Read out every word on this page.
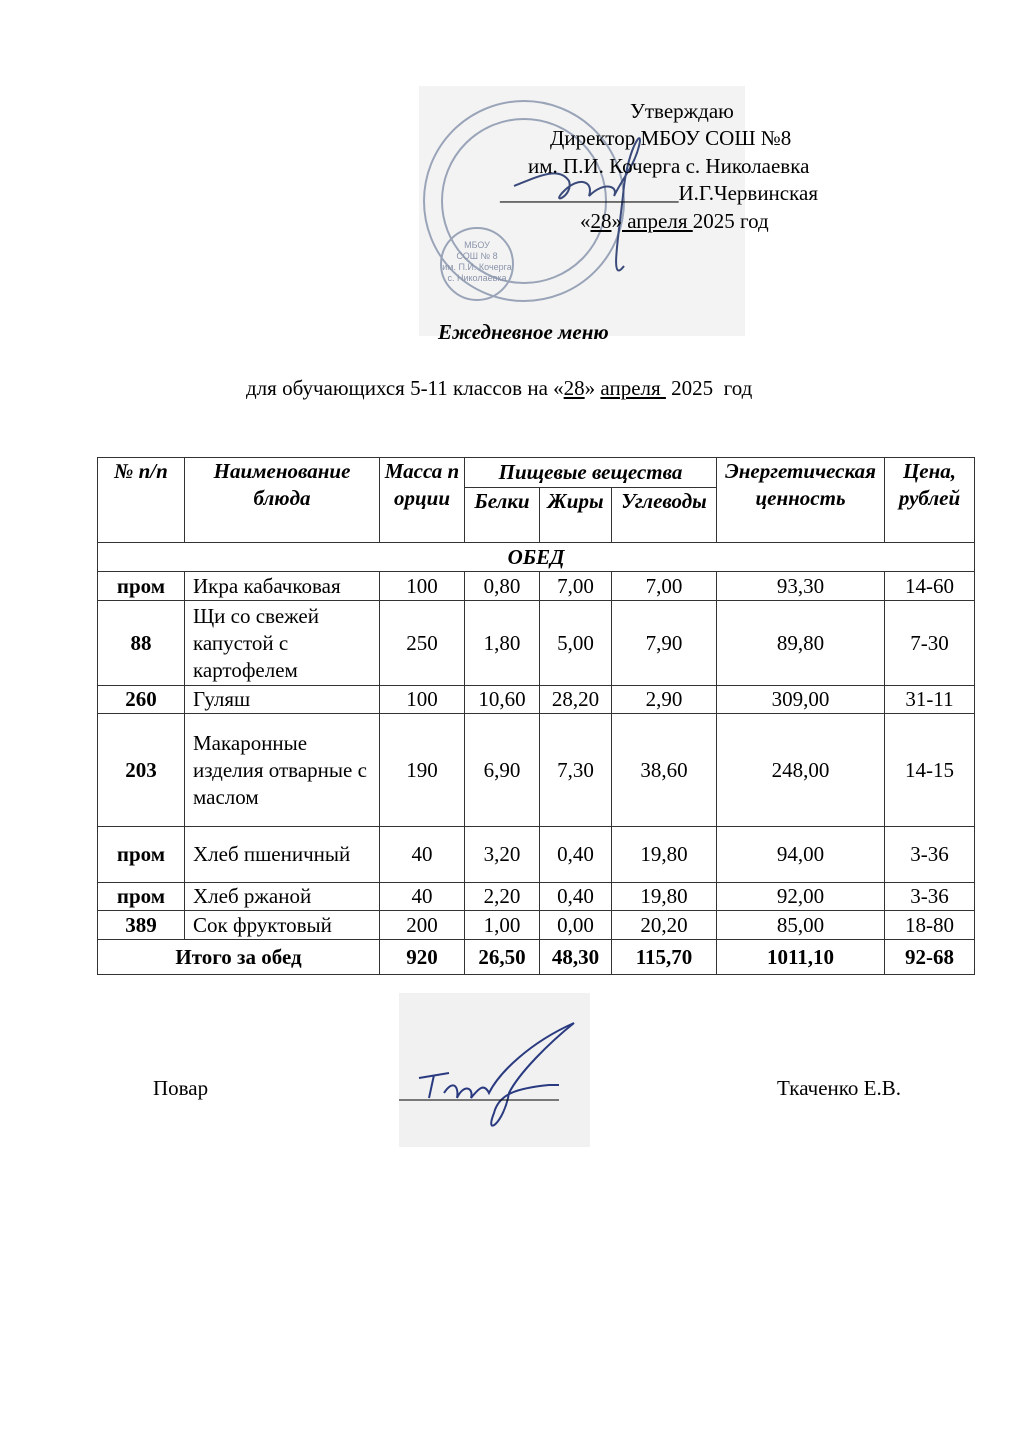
МБОУ
СОШ № 8
им. П.И. Кочерга
с. Николаевка
Утверждаю
Директор МБОУ СОШ №8
им. П.И. Кочерга с. Николаевка
_________________И.Г.Червинская
«28» апреля 2025 год
Ежедневное меню
для обучающихся 5-11 классов на «28» апреля  2025  год
№ п/п	Наименование блюда	Масса порции	Пищевые вещества			Энергетическая ценность	Цена, рублей
			Белки	Жиры	Углеводы		
ОБЕД							
пром	Икра кабачковая	100	0,80	7,00	7,00	93,30	14-60
88	Щи со свежей капустой с картофелем	250	1,80	5,00	7,90	89,80	7-30
260	Гуляш	100	10,60	28,20	2,90	309,00	31-11
203	Макаронные изделия отварные с маслом	190	6,90	7,30	38,60	248,00	14-15
пром	Хлеб пшеничный	40	3,20	0,40	19,80	94,00	3-36
пром	Хлеб ржаной	40	2,20	0,40	19,80	92,00	3-36
389	Сок фруктовый	200	1,00	0,00	20,20	85,00	18-80
Итого за обед		920	26,50	48,30	115,70	1011,10	92-68
Повар	Ткаченко Е.В.
